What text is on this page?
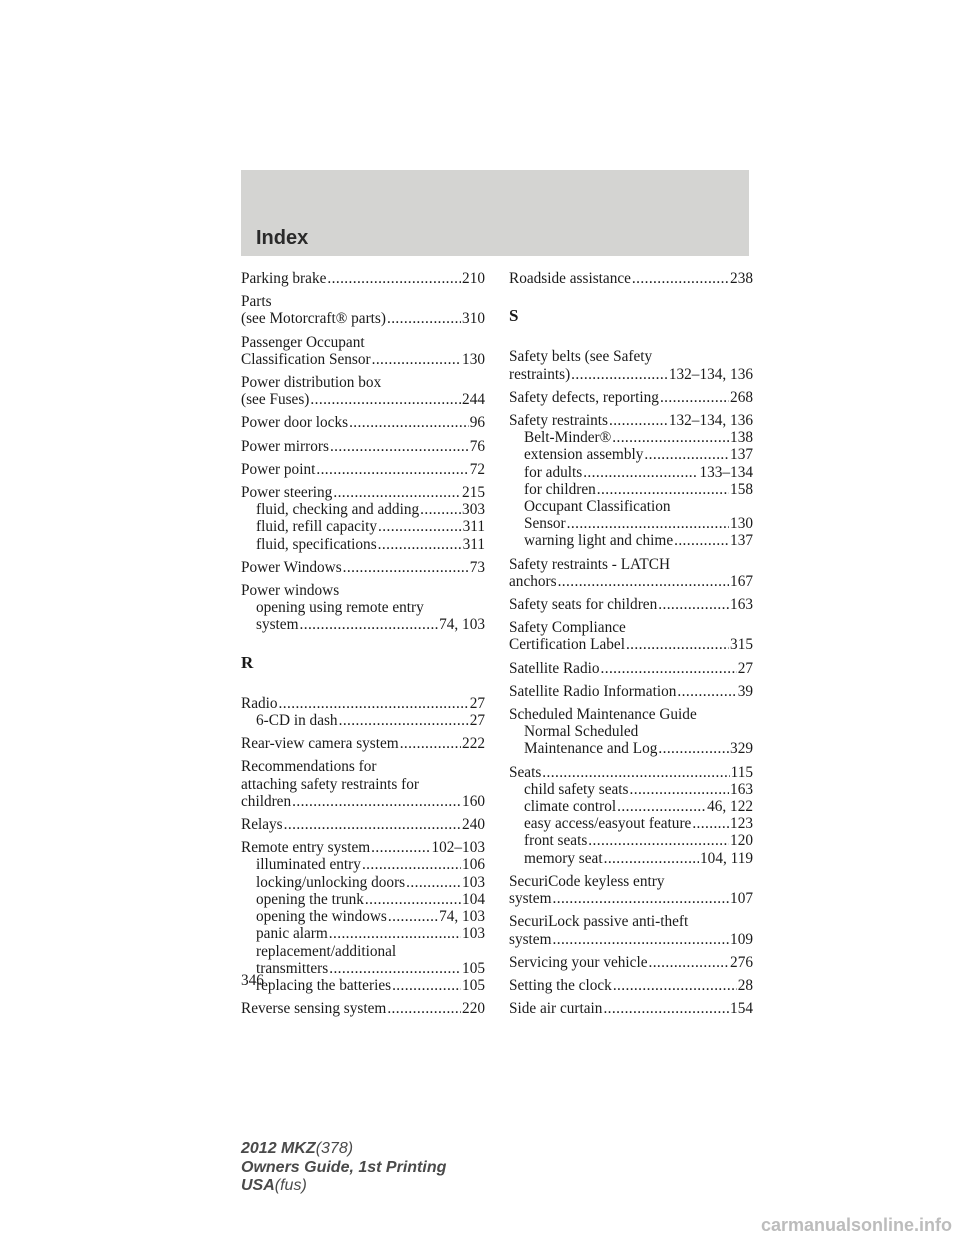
Index
Parking brake .....	210
Parts
(see Motorcraft® parts) .....	310
Passenger Occupant
Classification Sensor .....	130
Power distribution box
(see Fuses) .....	244
Power door locks .....	96
Power mirrors .....	76
Power point .....	72
Power steering .....	215
fluid, checking and adding .....	303
fluid, refill capacity .....	311
fluid, specifications .....	311
Power Windows .....	73
Power windows
opening using remote entry
system .....	74, 103
R
Radio .....	27
6-CD in dash .....	27
Rear-view camera system .....	222
Recommendations for
attaching safety restraints for
children .....	160
Relays .....	240
Remote entry system .....	102–103
illuminated entry .....	106
locking/unlocking doors .....	103
opening the trunk .....	104
opening the windows .....	74, 103
panic alarm .....	103
replacement/additional
transmitters .....	105
replacing the batteries .....	105
Reverse sensing system .....	220
Roadside assistance .....	238
S
Safety belts (see Safety
restraints) .....	132–134, 136
Safety defects, reporting .....	268
Safety restraints .....	132–134, 136
Belt-Minder® .....	138
extension assembly .....	137
for adults .....	133–134
for children .....	158
Occupant Classification
Sensor .....	130
warning light and chime .....	137
Safety restraints - LATCH
anchors .....	167
Safety seats for children .....	163
Safety Compliance
Certification Label .....	315
Satellite Radio .....	27
Satellite Radio Information .....	39
Scheduled Maintenance Guide
Normal Scheduled
Maintenance and Log .....	329
Seats .....	115
child safety seats .....	163
climate control .....	46, 122
easy access/easyout feature .....	123
front seats .....	120
memory seat .....	104, 119
SecuriCode keyless entry
system .....	107
SecuriLock passive anti-theft
system .....	109
Servicing your vehicle .....	276
Setting the clock .....	28
Side air curtain .....	154
346
2012 MKZ(378)
Owners Guide, 1st Printing
USA(fus)
carmanualsonline.info
